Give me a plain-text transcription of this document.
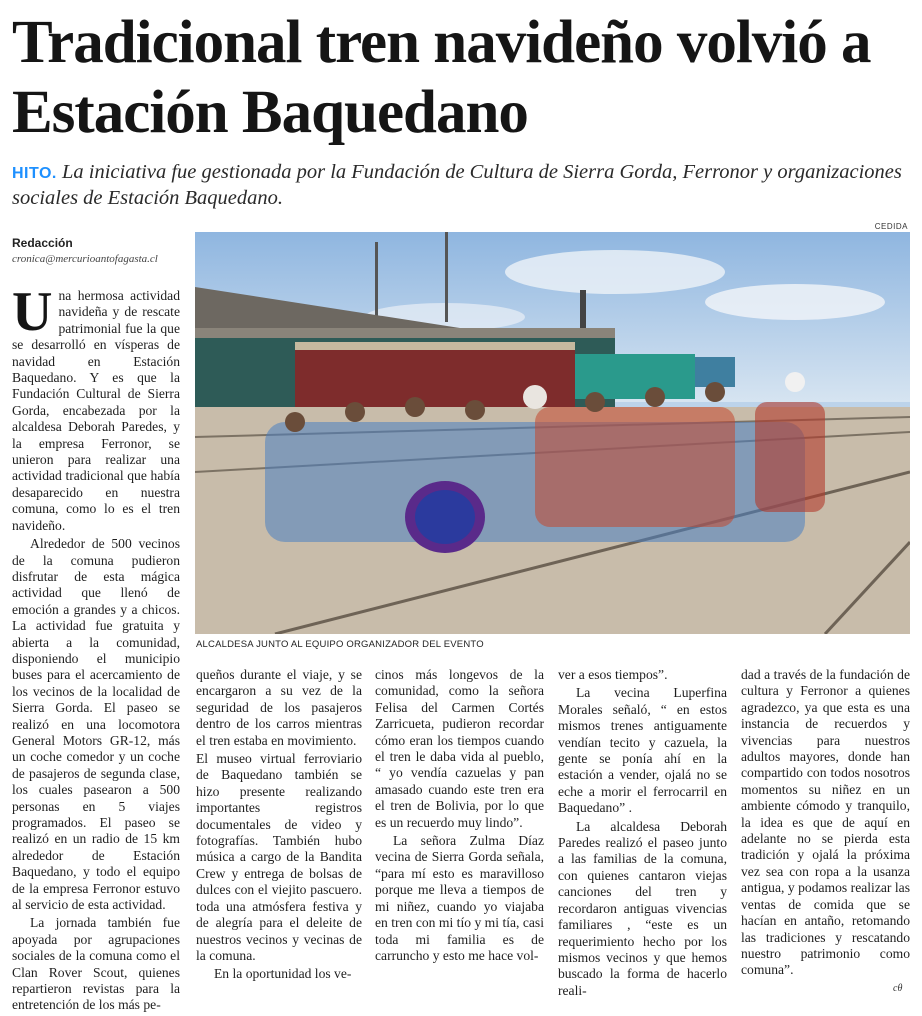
Tradicional tren navideño volvió a Estación Baquedano
HITO. La iniciativa fue gestionada por la Fundación de Cultura de Sierra Gorda, Ferronor y organizaciones sociales de Estación Baquedano.
CEDIDA
Redacción
cronica@mercurioantofagasta.cl
ALCALDESA JUNTO AL EQUIPO ORGANIZADOR DEL EVENTO

Una hermosa actividad navideña y de rescate patrimonial fue la que se desarrolló en vísperas de navidad en Estación Baquedano. Y es que la Fundación Cultural de Sierra Gorda, encabezada por la alcaldesa Deborah Paredes, y la empresa Ferronor, se unieron para realizar una actividad tradicional que había desaparecido en nuestra comuna, como lo es el tren navideño.

Alrededor de 500 vecinos de la comuna pudieron disfrutar de esta mágica actividad que llenó de emoción a grandes y a chicos. La actividad fue gratuita y abierta a la comunidad, disponiendo el municipio buses para el acercamiento de los vecinos de la localidad de Sierra Gorda. El paseo se realizó en una locomotora General Motors GR-12, más un coche comedor y un coche de pasajeros de segunda clase, los cuales pasearon a 500 personas en 5 viajes programados. El paseo se realizó en un radio de 15 km alrededor de Estación Baquedano, y todo el equipo de la empresa Ferronor estuvo al servicio de esta actividad.

La jornada también fue apoyada por agrupaciones sociales de la comuna como el Clan Rover Scout, quienes repartieron revistas para la entretención de los más pe-

queños durante el viaje, y se encargaron a su vez de la seguridad de los pasajeros dentro de los carros mientras el tren estaba en movimiento.

El museo virtual ferroviario de Baquedano también se hizo presente realizando importantes registros documentales de video y fotografías. También hubo música a cargo de la Bandita Crew y entrega de bolsas de dulces con el viejito pascuero. toda una atmósfera festiva y de alegría para el deleite de nuestros vecinos y vecinas de la comuna.

En la oportunidad los ve-

cinos más longevos de la comunidad, como la señora Felisa del Carmen Cortés Zarricueta, pudieron recordar cómo eran los tiempos cuando el tren le daba vida al pueblo, “ yo vendía cazuelas y pan amasado cuando este tren era el tren de Bolivia, por lo que es un recuerdo muy lindo”.

La señora Zulma Díaz vecina de Sierra Gorda señala, “para mí esto es maravilloso porque me lleva a tiempos de mi niñez, cuando yo viajaba en tren con mi tío y mi tía, casi toda mi familia es de carruncho y esto me hace vol-

ver a esos tiempos”.

La vecina Luperfina Morales señaló, “ en estos mismos trenes antiguamente vendían tecito y cazuela, la gente se ponía ahí en la estación a vender, ojalá no se eche a morir el ferrocarril en Baquedano” .

La alcaldesa Deborah Paredes realizó el paseo junto a las familias de la comuna, con quienes cantaron viejas canciones del tren y recordaron antiguas vivencias familiares , “este es un requerimiento hecho por los mismos vecinos y que hemos buscado la forma de hacerlo reali-

dad a través de la fundación de cultura y Ferronor a quienes agradezco, ya que esta es una instancia de recuerdos y vivencias para nuestros adultos mayores, donde han compartido con todos nosotros momentos su niñez en un ambiente cómodo y tranquilo, la idea es que de aquí en adelante no se pierda esta tradición y ojalá la próxima vez sea con ropa a la usanza antigua, y podamos realizar las ventas de comida que se hacían en antaño, retomando las tradiciones y rescatando nuestro patrimonio como comuna”.

cθ
